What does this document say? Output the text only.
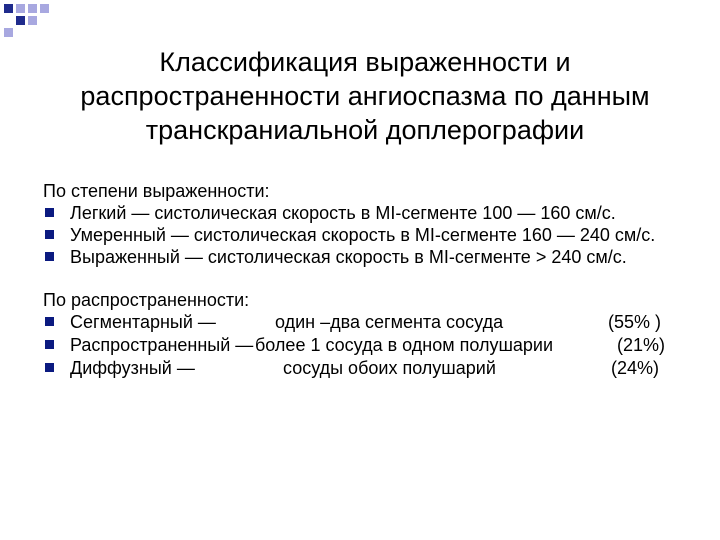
Классификация выраженности и
распространенности ангиоспазма по данным
транскраниальной доплерографии
По степени выраженности:
Легкий — систолическая скорость в MI-сегменте 100 — 160 см/с.
Умеренный — систолическая скорость в MI-сегменте 160 — 240 см/с.
Выраженный — систолическая скорость в MI-сегменте > 240 см/с.
По распространенности:
Сегментарный —	один –два сегмента сосуда	(55% )
Распространенный — более 1 сосуда в одном полушарии	(21%)
Диффузный —	сосуды обоих полушарий	(24%)
